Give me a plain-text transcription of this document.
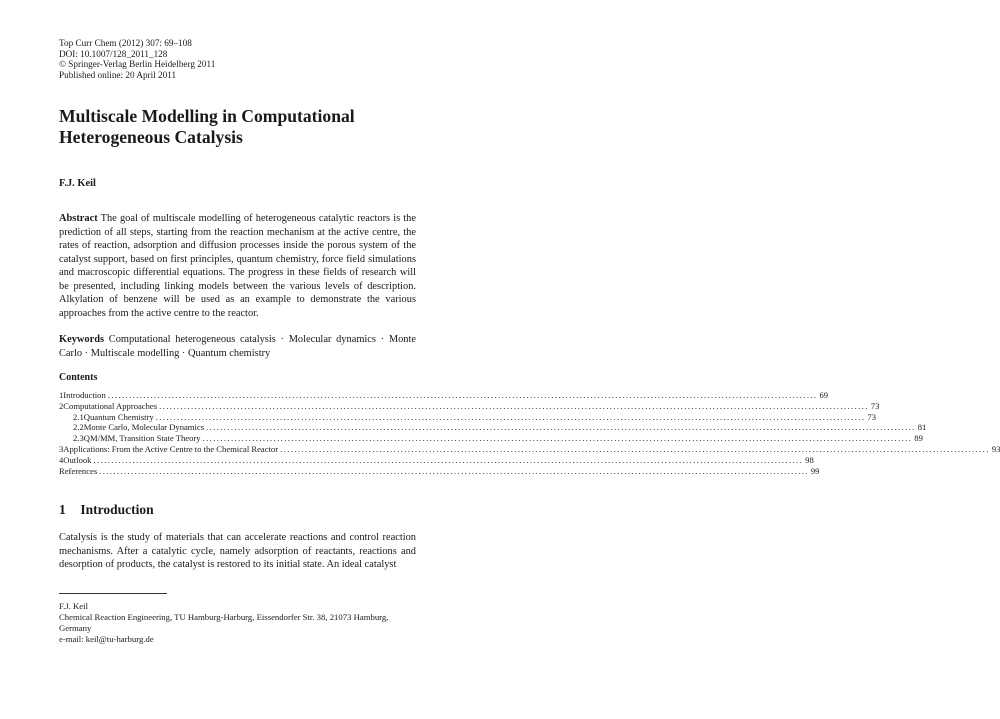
Top Curr Chem (2012) 307: 69–108
DOI: 10.1007/128_2011_128
© Springer-Verlag Berlin Heidelberg 2011
Published online: 20 April 2011
Multiscale Modelling in Computational Heterogeneous Catalysis
F.J. Keil
Abstract The goal of multiscale modelling of heterogeneous catalytic reactors is the prediction of all steps, starting from the reaction mechanism at the active centre, the rates of reaction, adsorption and diffusion processes inside the porous system of the catalyst support, based on first principles, quantum chemistry, force field simulations and macroscopic differential equations. The progress in these fields of research will be presented, including linking models between the various levels of description. Alkylation of benzene will be used as an example to demonstrate the various approaches from the active centre to the reactor.
Keywords Computational heterogeneous catalysis · Molecular dynamics · Monte Carlo · Multiscale modelling · Quantum chemistry
Contents
1 Introduction ........................................................................................................................................................................................................ 69
2 Computational Approaches ........................................................................................................................................................................................................ 73
2.1 Quantum Chemistry ........................................................................................................................................................................................................ 73
2.2 Monte Carlo, Molecular Dynamics ........................................................................................................................................................................................................ 81
2.3 QM/MM, Transition State Theory ........................................................................................................................................................................................................ 89
3 Applications: From the Active Centre to the Chemical Reactor ........................................................................................................................................................................................................ 93
4 Outlook ........................................................................................................................................................................................................ 98
References ........................................................................................................................................................................................................ 99
1 Introduction
Catalysis is the study of materials that can accelerate reactions and control reaction mechanisms. After a catalytic cycle, namely adsorption of reactants, reactions and desorption of products, the catalyst is restored to its initial state. An ideal catalyst
F.J. Keil
Chemical Reaction Engineering, TU Hamburg-Harburg, Eissendorfer Str. 38, 21073 Hamburg, Germany
e-mail: keil@tu-harburg.de
